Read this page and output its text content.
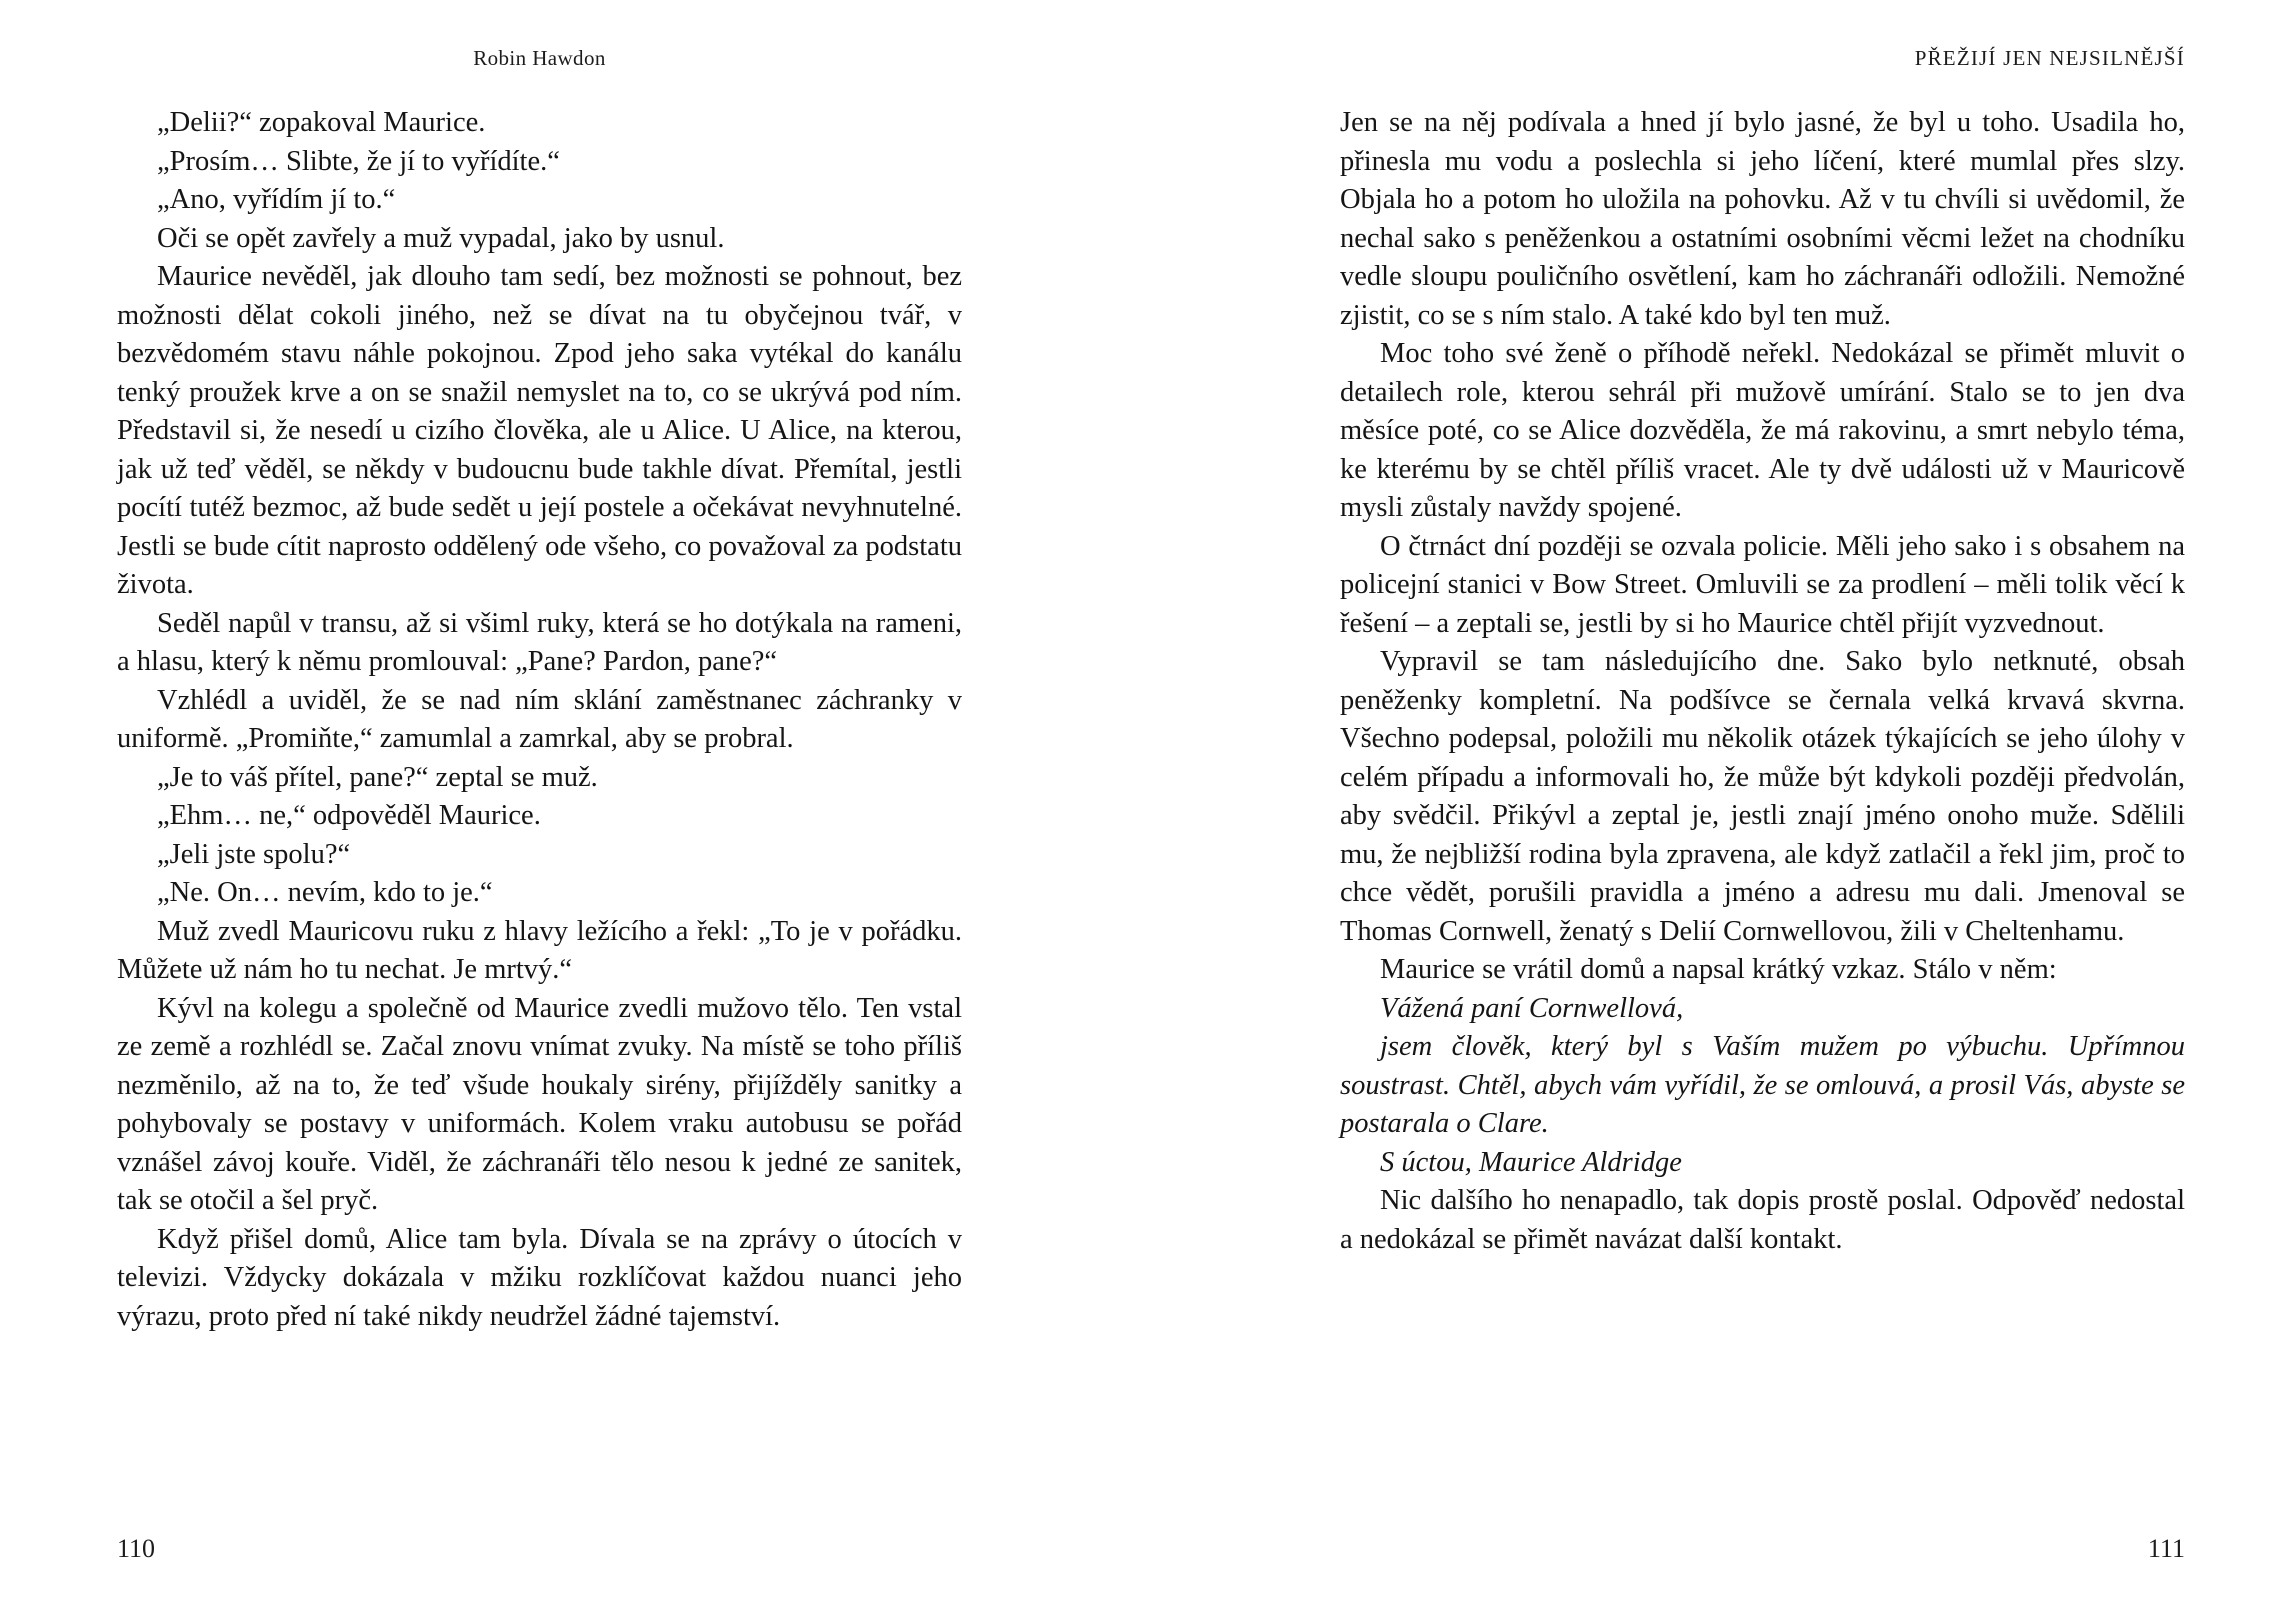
Robin Hawdon	PŘEŽIJÍ JEN NEJSILNĚJŠÍ

„Delii?“ zopakoval Maurice.

„Prosím… Slibte, že jí to vyřídíte.“

„Ano, vyřídím jí to.“

Oči se opět zavřely a muž vypadal, jako by usnul.

Maurice nevěděl, jak dlouho tam sedí, bez možnosti se pohnout, bez možnosti dělat cokoli jiného, než se dívat na tu obyčejnou tvář, v bezvědomém stavu náhle pokojnou. Zpod jeho saka vytékal do kanálu tenký proužek krve a on se snažil nemyslet na to, co se ukrývá pod ním. Představil si, že nesedí u cizího člověka, ale u Alice. U Alice, na kterou, jak už teď věděl, se někdy v budoucnu bude takhle dívat. Přemítal, jestli pocítí tutéž bezmoc, až bude sedět u její postele a očekávat nevyhnutelné. Jestli se bude cítit naprosto oddělený ode všeho, co považoval za podstatu života.

Seděl napůl v transu, až si všiml ruky, která se ho dotýkala na rameni, a hlasu, který k němu promlouval: „Pane? Pardon, pane?“

Vzhlédl a uviděl, že se nad ním sklání zaměstnanec záchranky v uniformě. „Promiňte,“ zamumlal a zamrkal, aby se probral.

„Je to váš přítel, pane?“ zeptal se muž.

„Ehm… ne,“ odpověděl Maurice.

„Jeli jste spolu?“

„Ne. On… nevím, kdo to je.“

Muž zvedl Mauricovu ruku z hlavy ležícího a řekl: „To je v pořádku. Můžete už nám ho tu nechat. Je mrtvý.“

Kývl na kolegu a společně od Maurice zvedli mužovo tělo. Ten vstal ze země a rozhlédl se. Začal znovu vnímat zvuky. Na místě se toho příliš nezměnilo, až na to, že teď všude houkaly sirény, přijížděly sanitky a pohybovaly se postavy v uniformách. Kolem vraku autobusu se pořád vznášel závoj kouře. Viděl, že záchranáři tělo nesou k jedné ze sanitek, tak se otočil a šel pryč.

Když přišel domů, Alice tam byla. Dívala se na zprávy o útocích v televizi. Vždycky dokázala v mžiku rozklíčovat každou nuanci jeho výrazu, proto před ní také nikdy neudržel žádné tajemství.

Jen se na něj podívala a hned jí bylo jasné, že byl u toho. Usadila ho, přinesla mu vodu a poslechla si jeho líčení, které mumlal přes slzy. Objala ho a potom ho uložila na pohovku. Až v tu chvíli si uvědomil, že nechal sako s peněženkou a ostatními osobními věcmi ležet na chodníku vedle sloupu pouličního osvětlení, kam ho záchranáři odložili. Nemožné zjistit, co se s ním stalo. A také kdo byl ten muž.

Moc toho své ženě o příhodě neřekl. Nedokázal se přimět mluvit o detailech role, kterou sehrál při mužově umírání. Stalo se to jen dva měsíce poté, co se Alice dozvěděla, že má rakovinu, a smrt nebylo téma, ke kterému by se chtěl příliš vracet. Ale ty dvě události už v Mauricově mysli zůstaly navždy spojené.

O čtrnáct dní později se ozvala policie. Měli jeho sako i s obsahem na policejní stanici v Bow Street. Omluvili se za prodlení – měli tolik věcí k řešení – a zeptali se, jestli by si ho Maurice chtěl přijít vyzvednout.

Vypravil se tam následujícího dne. Sako bylo netknuté, obsah peněženky kompletní. Na podšívce se černala velká krvavá skvrna. Všechno podepsal, položili mu několik otázek týkajících se jeho úlohy v celém případu a informovali ho, že může být kdykoli později předvolán, aby svědčil. Přikývl a zeptal je, jestli znají jméno onoho muže. Sdělili mu, že nejbližší rodina byla zpravena, ale když zatlačil a řekl jim, proč to chce vědět, porušili pravidla a jméno a adresu mu dali. Jmenoval se Thomas Cornwell, ženatý s Delií Cornwellovou, žili v Cheltenhamu.

Maurice se vrátil domů a napsal krátký vzkaz. Stálo v něm:

Vážená paní Cornwellová,

jsem člověk, který byl s Vaším mužem po výbuchu. Upřímnou soustrast. Chtěl, abych vám vyřídil, že se omlouvá, a prosil Vás, abyste se postarala o Clare.

S úctou, Maurice Aldridge

Nic dalšího ho nenapadlo, tak dopis prostě poslal. Odpověď nedostal a nedokázal se přimět navázat další kontakt.

110	111
